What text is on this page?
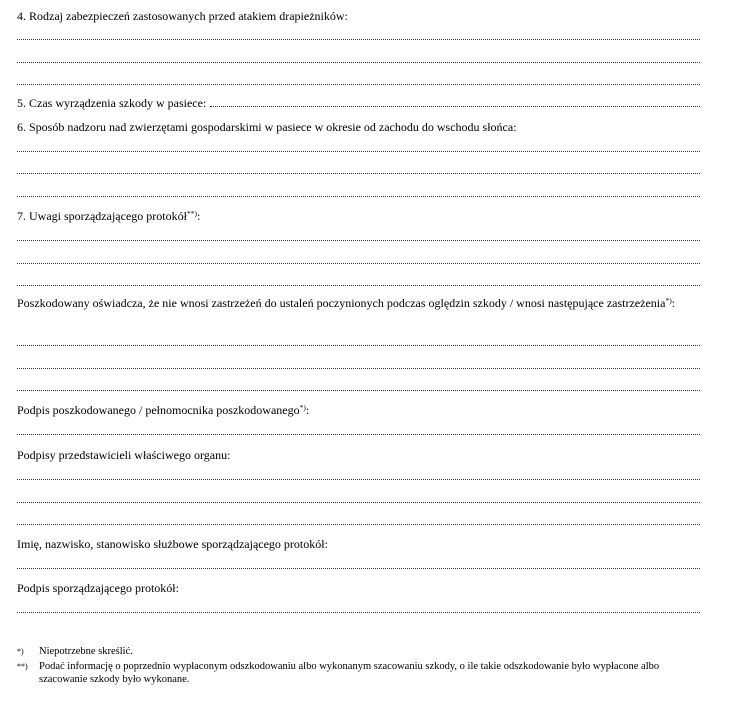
4. Rodzaj zabezpieczeń zastosowanych przed atakiem drapieżników:
5. Czas wyrządzenia szkody w pasiece:
6. Sposób nadzoru nad zwierzętami gospodarskimi w pasiece w okresie od zachodu do wschodu słońca:
7. Uwagi sporządzającego protokół**):
Poszkodowany oświadcza, że nie wnosi zastrzeżeń do ustaleń poczynionych podczas oględzin szkody / wnosi następujące zastrzeżenia*):
Podpis poszkodowanego / pełnomocnika poszkodowanego*):
Podpisy przedstawicieli właściwego organu:
Imię, nazwisko, stanowisko służbowe sporządzającego protokół:
Podpis sporządzającego protokół:
*) Niepotrzebne skreślić.
**) Podać informację o poprzednio wypłaconym odszkodowaniu albo wykonanym szacowaniu szkody, o ile takie odszkodowanie było wypłacone albo szacowanie szkody było wykonane.
